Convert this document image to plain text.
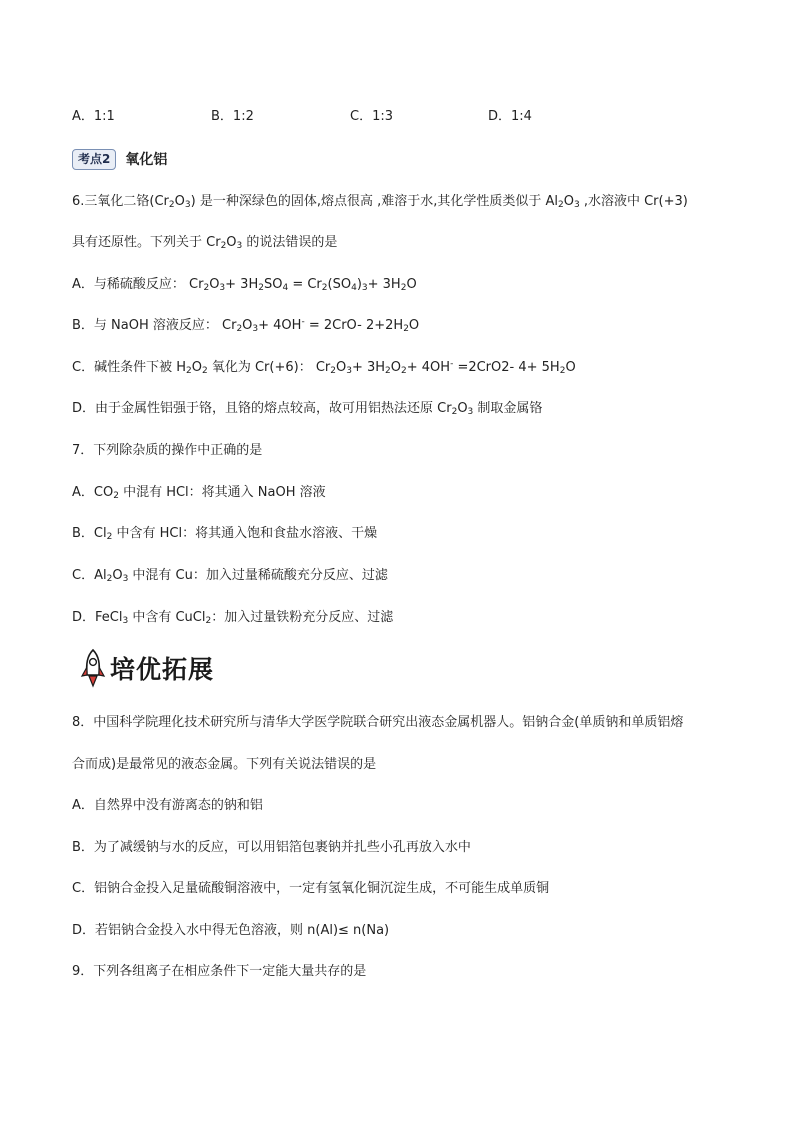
A．1:1	B．1:2	C．1:3	D．1:4
考点2	氧化铝
6.三氧化二铬$(Cr_2O_3)$ 是一种深绿色的固体,熔点很高 ,难溶于水,其化学性质类似于 $Al_2O_3$ ,水溶液中 Cr(+3)
具有还原性。下列关于 $Cr_2O_3$ 的说法错误的是
A．与稀硫酸反应： $Cr_2O_3+ 3H_2SO_4 = Cr_2(SO_4)_3+ 3H_2O$
B．与 NaOH 溶液反应： $Cr_2O_3+ 4OH^- = 2CrO-$ $2+2H_2O$
C．碱性条件下被 $H_2O_2$ 氧化为 Cr(+6)： $Cr_2O_3+ 3H_2O_2+ 4OH^- =2CrO2-$ $4+ 5H_2O$
D．由于金属性铝强于铬，且铬的熔点较高，故可用铝热法还原 $Cr_2O_3$ 制取金属铬
7．下列除杂质的操作中正确的是
A．$CO_2$ 中混有 HCl：将其通入 NaOH 溶液
B．$Cl_2$ 中含有 HCl：将其通入饱和食盐水溶液、干燥
C．$Al_2O_3$ 中混有 Cu：加入过量稀硫酸充分反应、过滤
D．FeCl$_3$ 中含有 CuCl$_2$：加入过量铁粉充分反应、过滤
培优拓展
8．中国科学院理化技术研究所与清华大学医学院联合研究出液态金属机器人。铝钠合金(单质钠和单质铝熔
合而成)是最常见的液态金属。下列有关说法错误的是
A．自然界中没有游离态的钠和铝
B．为了减缓钠与水的反应，可以用铝箔包裹钠并扎些小孔再放入水中
C．铝钠合金投入足量硫酸铜溶液中，一定有氢氧化铜沉淀生成，不可能生成单质铜
D．若铝钠合金投入水中得无色溶液，则 n(Al)≤ n(Na)
9．下列各组离子在相应条件下一定能大量共存的是
